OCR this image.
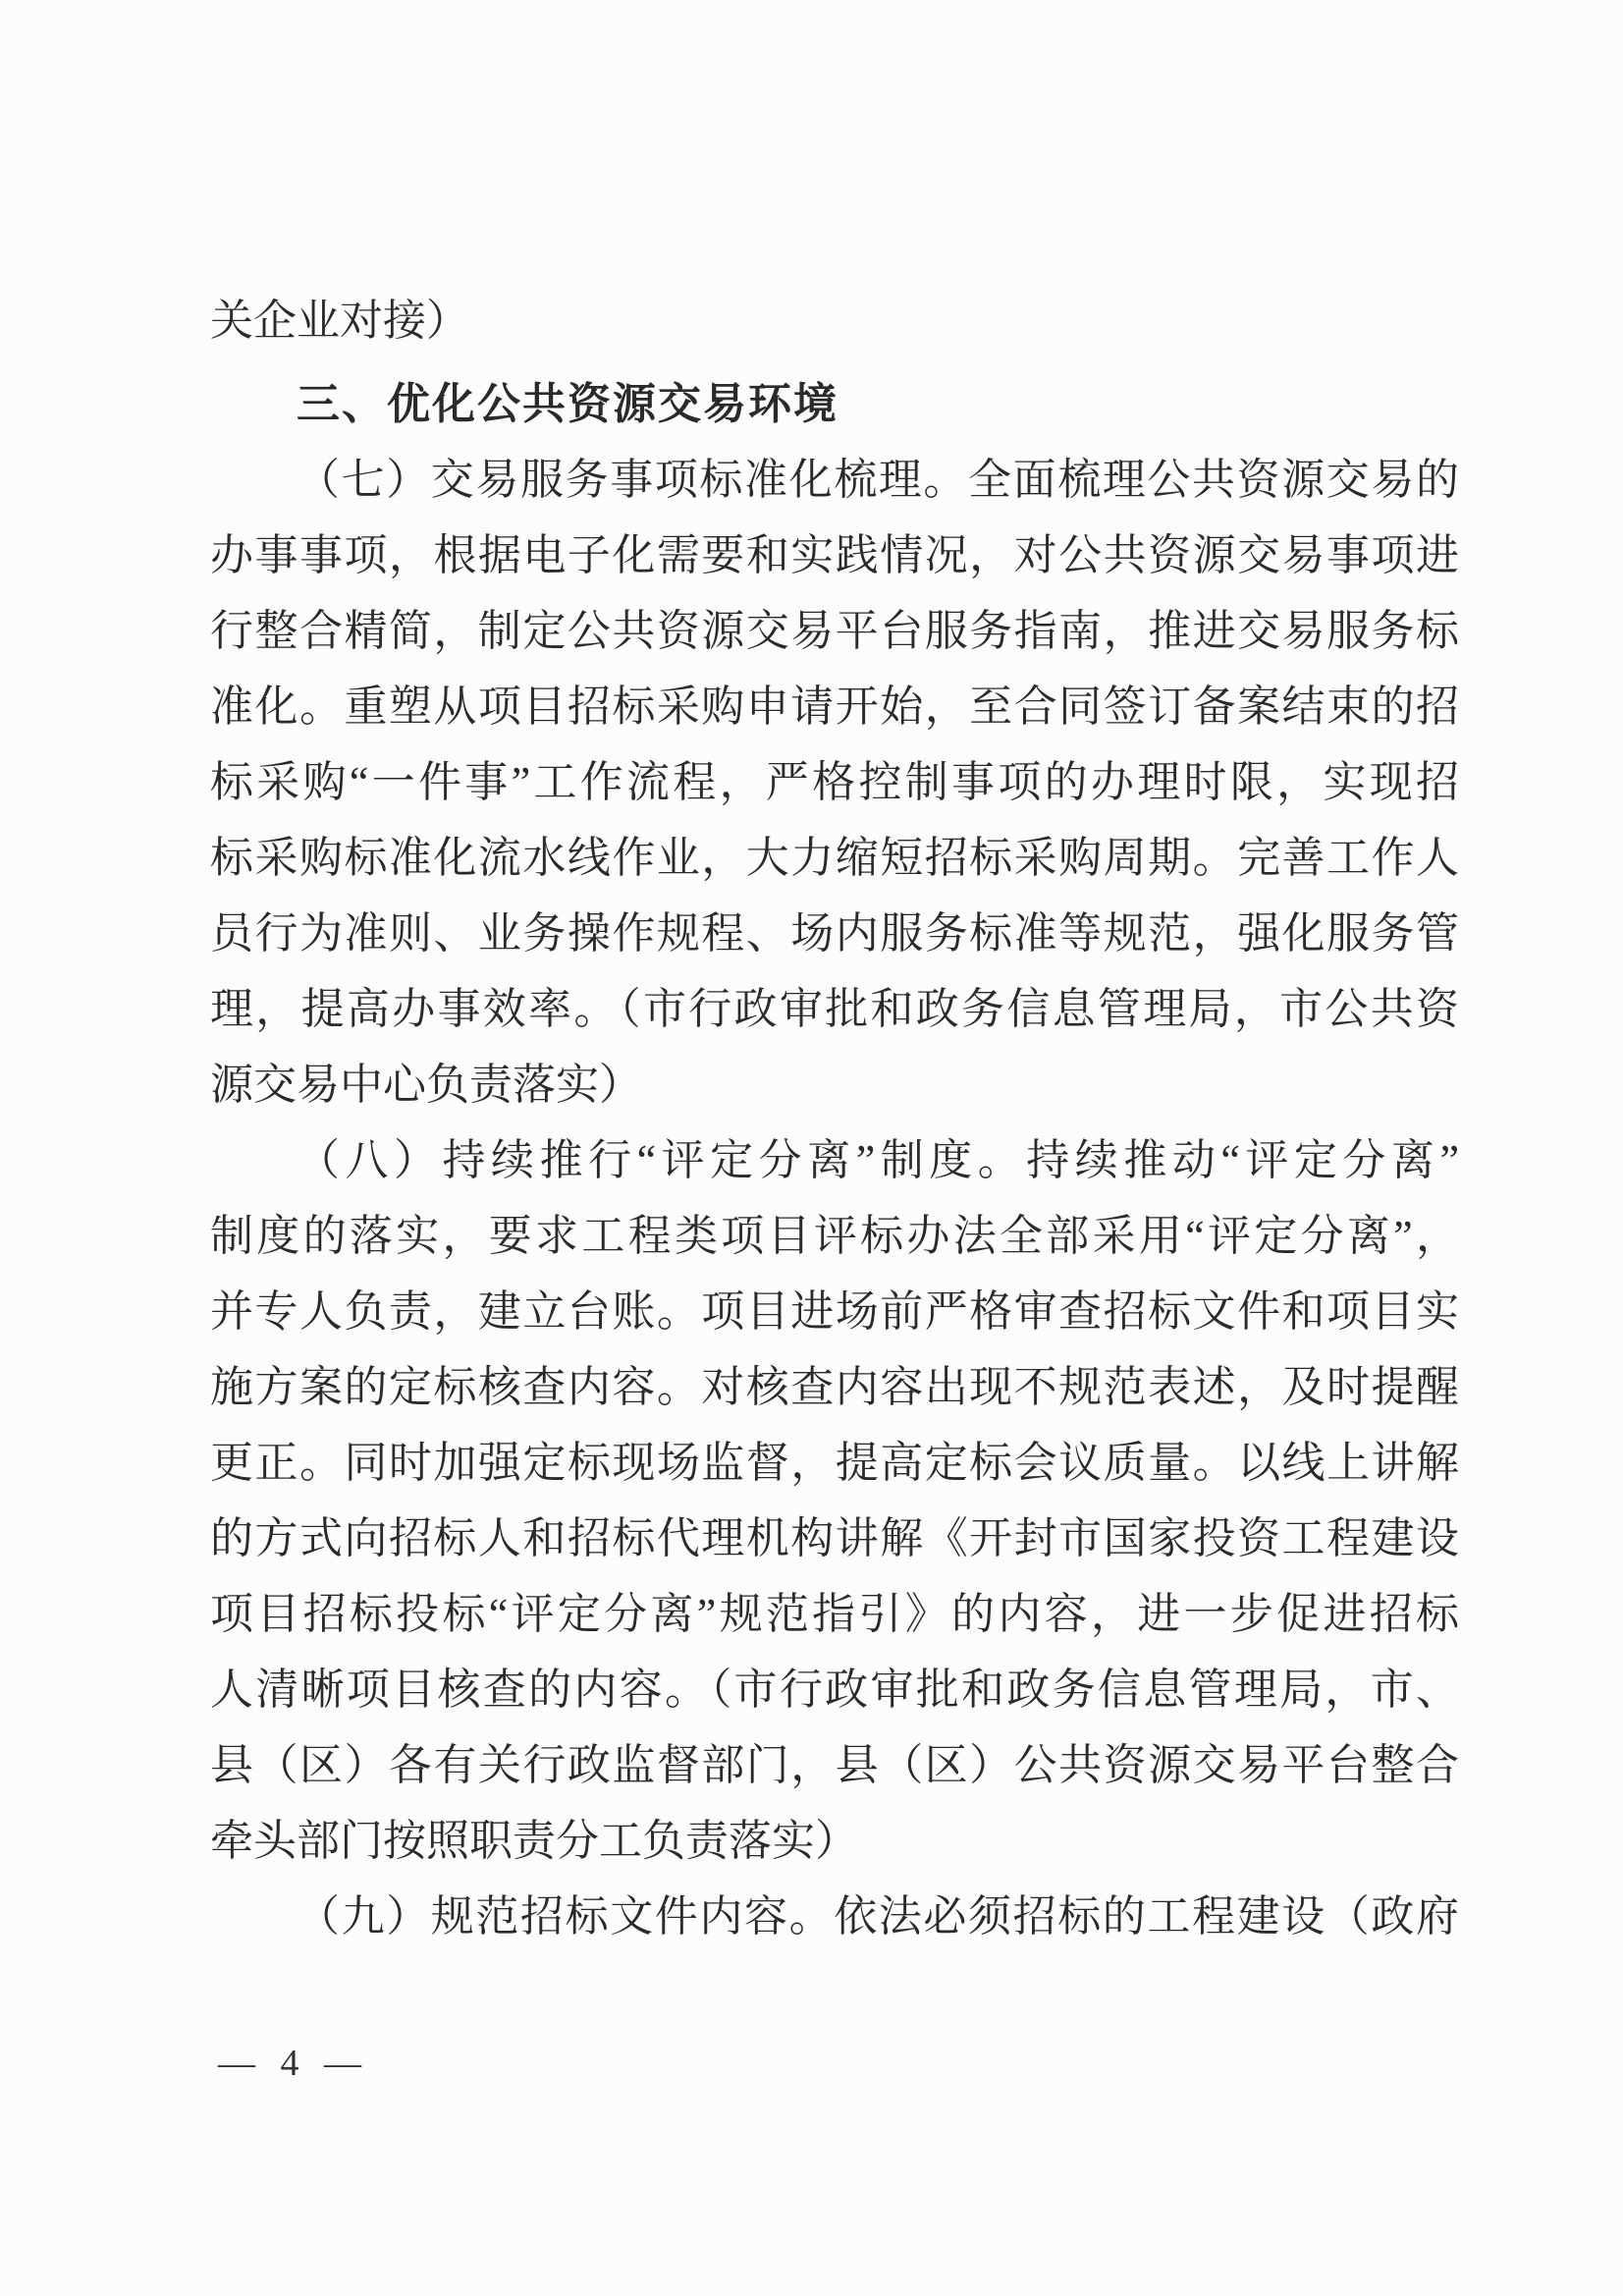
关企业对接）
三、优化公共资源交易环境
（七）交易服务事项标准化梳理。全面梳理公共资源交易的
办事事项，根据电子化需要和实践情况，对公共资源交易事项进
行整合精简，制定公共资源交易平台服务指南，推进交易服务标
准化。重塑从项目招标采购申请开始，至合同签订备案结束的招
标采购“一件事”工作流程，严格控制事项的办理时限，实现招
标采购标准化流水线作业，大力缩短招标采购周期。完善工作人
员行为准则、业务操作规程、场内服务标准等规范，强化服务管
理，提高办事效率。（市行政审批和政务信息管理局，市公共资
源交易中心负责落实）
（八）持续推行“评定分离”制度。持续推动“评定分离”
制度的落实，要求工程类项目评标办法全部采用“评定分离”，
并专人负责，建立台账。项目进场前严格审查招标文件和项目实
施方案的定标核查内容。对核查内容出现不规范表述，及时提醒
更正。同时加强定标现场监督，提高定标会议质量。以线上讲解
的方式向招标人和招标代理机构讲解《开封市国家投资工程建设
项目招标投标“评定分离”规范指引》的内容，进一步促进招标
人清晰项目核查的内容。（市行政审批和政务信息管理局，市、
县（区）各有关行政监督部门，县（区）公共资源交易平台整合
牵头部门按照职责分工负责落实）
（九）规范招标文件内容。依法必须招标的工程建设（政府
— 4 —
